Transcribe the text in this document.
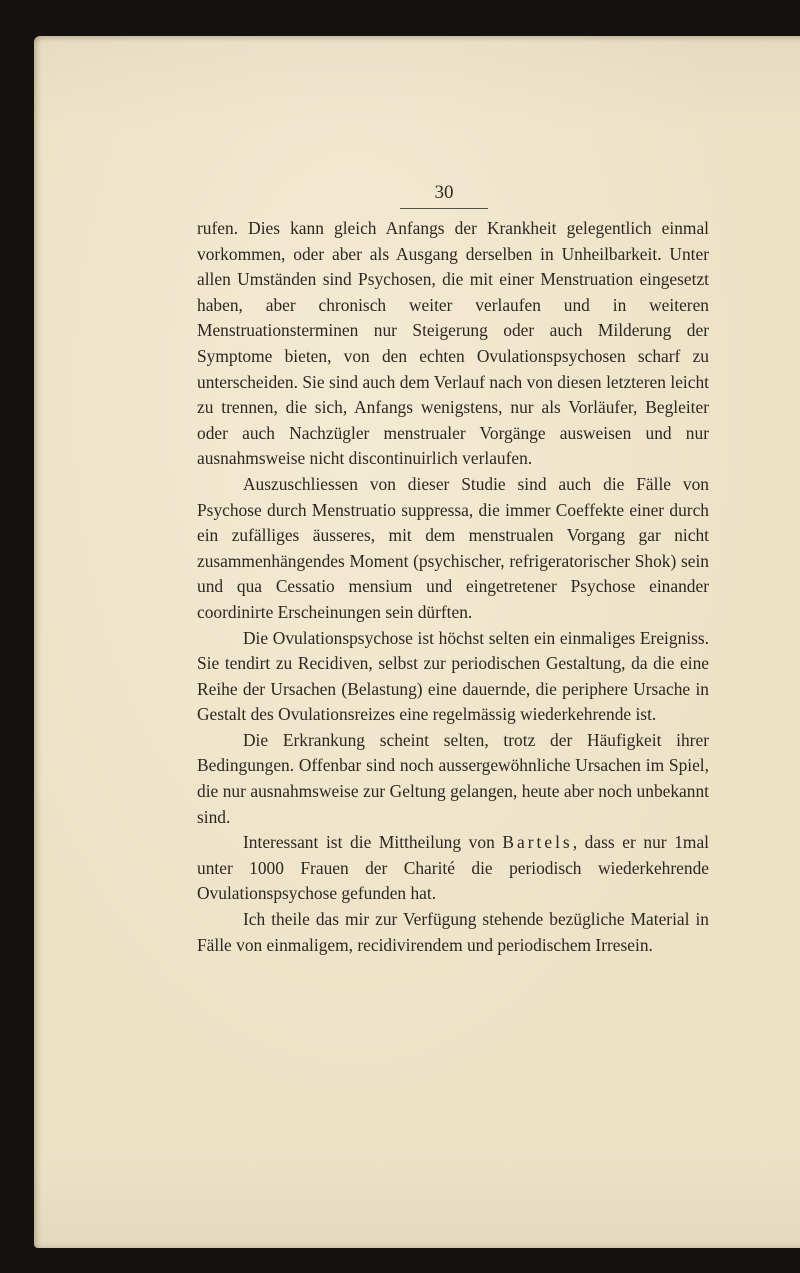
30

rufen. Dies kann gleich Anfangs der Krankheit gelegentlich einmal vorkommen, oder aber als Ausgang derselben in Unheilbarkeit. Unter allen Umständen sind Psychosen, die mit einer Menstruation eingesetzt haben, aber chronisch weiter verlaufen und in weiteren Menstruationsterminen nur Steigerung oder auch Milderung der Symptome bieten, von den echten Ovulationspsychosen scharf zu unterscheiden. Sie sind auch dem Verlauf nach von diesen letzteren leicht zu trennen, die sich, Anfangs wenigstens, nur als Vorläufer, Begleiter oder auch Nachzügler menstrualer Vorgänge ausweisen und nur ausnahmsweise nicht discontinuirlich verlaufen.

Auszuschliessen von dieser Studie sind auch die Fälle von Psychose durch Menstruatio suppressa, die immer Coeffekte einer durch ein zufälliges äusseres, mit dem menstrualen Vorgang gar nicht zusammenhängendes Moment (psychischer, refrigeratorischer Shok) sein und qua Cessatio mensium und eingetretener Psychose einander coordinirte Erscheinungen sein dürften.

Die Ovulationspsychose ist höchst selten ein einmaliges Ereigniss. Sie tendirt zu Recidiven, selbst zur periodischen Gestaltung, da die eine Reihe der Ursachen (Belastung) eine dauernde, die periphere Ursache in Gestalt des Ovulationsreizes eine regelmässig wiederkehrende ist.

Die Erkrankung scheint selten, trotz der Häufigkeit ihrer Bedingungen. Offenbar sind noch aussergewöhnliche Ursachen im Spiel, die nur ausnahmsweise zur Geltung gelangen, heute aber noch unbekannt sind.

Interessant ist die Mittheilung von Bartels, dass er nur 1mal unter 1000 Frauen der Charité die periodisch wiederkehrende Ovulationspsychose gefunden hat.

Ich theile das mir zur Verfügung stehende bezügliche Material in Fälle von einmaligem, recidivirendem und periodischem Irresein.
